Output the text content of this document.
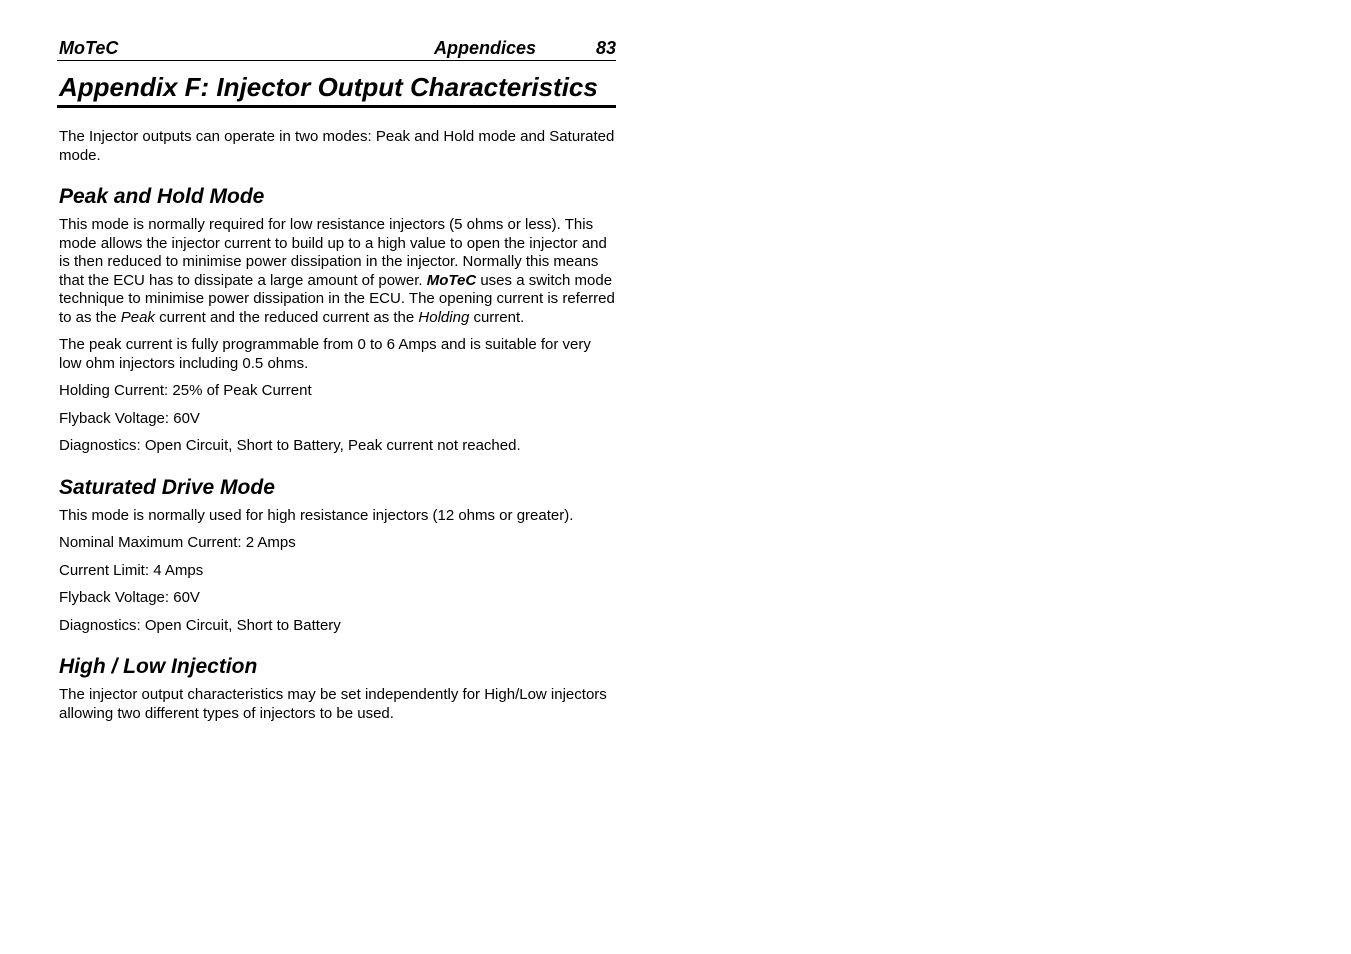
MoTeC	Appendices	83
Appendix F: Injector Output Characteristics

The Injector outputs can operate in two modes: Peak and Hold mode and Saturated mode.

Peak and Hold Mode

This mode is normally required for low resistance injectors (5 ohms or less). This mode allows the injector current to build up to a high value to open the injector and is then reduced to minimise power dissipation in the injector. Normally this means that the ECU has to dissipate a large amount of power. MoTeC uses a switch mode technique to minimise power dissipation in the ECU. The opening current is referred to as the Peak current and the reduced current as the Holding current.

The peak current is fully programmable from 0 to 6 Amps and is suitable for very low ohm injectors including 0.5 ohms.

Holding Current: 25% of Peak Current

Flyback Voltage: 60V

Diagnostics: Open Circuit, Short to Battery, Peak current not reached.

Saturated Drive Mode

This mode is normally used for high resistance injectors (12 ohms or greater).

Nominal Maximum Current: 2 Amps

Current Limit: 4 Amps

Flyback Voltage: 60V

Diagnostics: Open Circuit, Short to Battery

High / Low Injection

The injector output characteristics may be set independently for High/Low injectors allowing two different types of injectors to be used.
